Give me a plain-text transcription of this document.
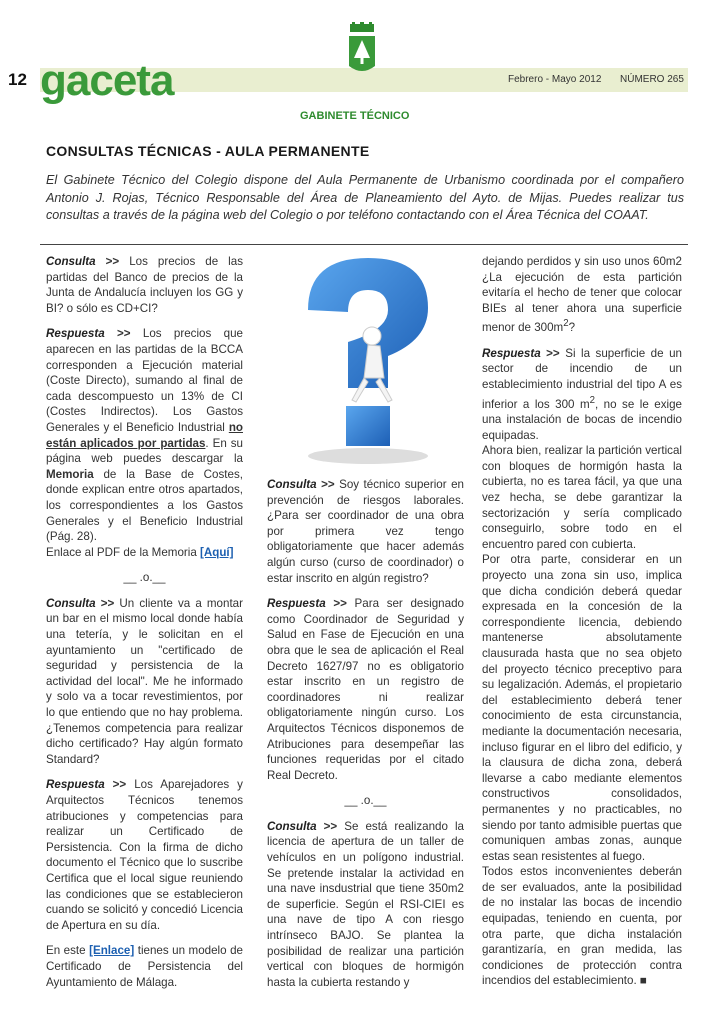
12 gaceta	Febrero - Mayo 2012 NÚMERO 265
GABINETE TÉCNICO
CONSULTAS TÉCNICAS - AULA PERMANENTE
El Gabinete Técnico del Colegio dispone del Aula Permanente de Urbanismo coordinada por el compañero Antonio J. Rojas, Técnico Responsable del Área de Planeamiento del Ayto. de Mijas. Puedes realizar tus consultas a través de la página web del Colegio o por teléfono contactando con el Área Técnica del COAAT.

Consulta >> Los precios de las partidas del Banco de precios de la Junta de Andalucía incluyen los GG y BI? o sólo es CD+CI?

Respuesta >> Los precios que aparecen en las partidas de la BCCA corresponden a Ejecución material (Coste Directo), sumando al final de cada descompuesto un 13% de CI (Costes Indirectos). Los Gastos Generales y el Beneficio Industrial no están aplicados por partidas. En su página web puedes descargar la Memoria de la Base de Costes, donde explican entre otros apartados, los correspondientes a los Gastos Generales y el Beneficio Industrial (Pág. 28).
Enlace al PDF de la Memoria [Aquí]

__ .o.__

Consulta >> Un cliente va a montar un bar en el mismo local donde había una tetería, y le solicitan en el ayuntamiento un "certificado de seguridad y persistencia de la actividad del local". Me he informado y solo va a tocar revestimientos, por lo que entiendo que no hay problema. ¿Tenemos competencia para realizar dicho certificado? Hay algún formato Standard?

Respuesta >> Los Aparejadores y Arquitectos Técnicos tenemos atribuciones y competencias para realizar un Certificado de Persistencia. Con la firma de dicho documento el Técnico que lo suscribe Certifica que el local sigue reuniendo las condiciones que se establecieron cuando se solicitó y concedió Licencia de Apertura en su día.

En este [Enlace] tienes un modelo de Certificado de Persistencia del Ayuntamiento de Málaga.

Consulta >> Soy técnico superior en prevención de riesgos laborales. ¿Para ser coordinador de una obra por primera vez tengo obligatoriamente que hacer además algún curso (curso de coordinador) o estar inscrito en algún registro?

Respuesta >> Para ser designado como Coordinador de Seguridad y Salud en Fase de Ejecución en una obra que le sea de aplicación el Real Decreto 1627/97 no es obligatorio estar inscrito en un registro de coordinadores ni realizar obligatoriamente ningún curso. Los Arquitectos Técnicos disponemos de Atribuciones para desempeñar las funciones requeridas por el citado Real Decreto.

__ .o.__

Consulta >> Se está realizando la licencia de apertura de un taller de vehículos en un polígono industrial. Se pretende instalar la actividad en una nave insdustrial que tiene 350m2 de superficie. Según el RSI-CIEI es una nave de tipo A con riesgo intrínseco BAJO. Se plantea la posibilidad de realizar una partición vertical con bloques de hormigón hasta la cubierta restando y

dejando perdidos y sin uso unos 60m2 ¿La ejecución de esta partición evitaría el hecho de tener que colocar BIEs al tener ahora una superficie menor de $300m^2$?

Respuesta >> Si la superficie de un sector de incendio de un establecimiento industrial del tipo A es inferior a los 300 $m^2$, no se le exige una instalación de bocas de incendio equipadas.
Ahora bien, realizar la partición vertical con bloques de hormigón hasta la cubierta, no es tarea fácil, ya que una vez hecha, se debe garantizar la sectorización y sería complicado conseguirlo, sobre todo en el encuentro pared con cubierta.
Por otra parte, considerar en un proyecto una zona sin uso, implica que dicha condición deberá quedar expresada en la concesión de la correspondiente licencia, debiendo mantenerse absolutamente clausurada hasta que no sea objeto del proyecto técnico preceptivo para su legalización. Además, el propietario del establecimiento deberá tener conocimiento de esta circunstancia, mediante la documentación necesaria, incluso figurar en el libro del edificio, y la clausura de dicha zona, deberá llevarse a cabo mediante elementos constructivos consolidados, permanentes y no practicables, no siendo por tanto admisible puertas que comuniquen ambas zonas, aunque estas sean resistentes al fuego.
Todos estos inconvenientes deberán de ser evaluados, ante la posibilidad de no instalar las bocas de incendio equipadas, teniendo en cuenta, por otra parte, que dicha instalación garantizaría, en gran medida, las condiciones de protección contra incendios del establecimiento. ■
